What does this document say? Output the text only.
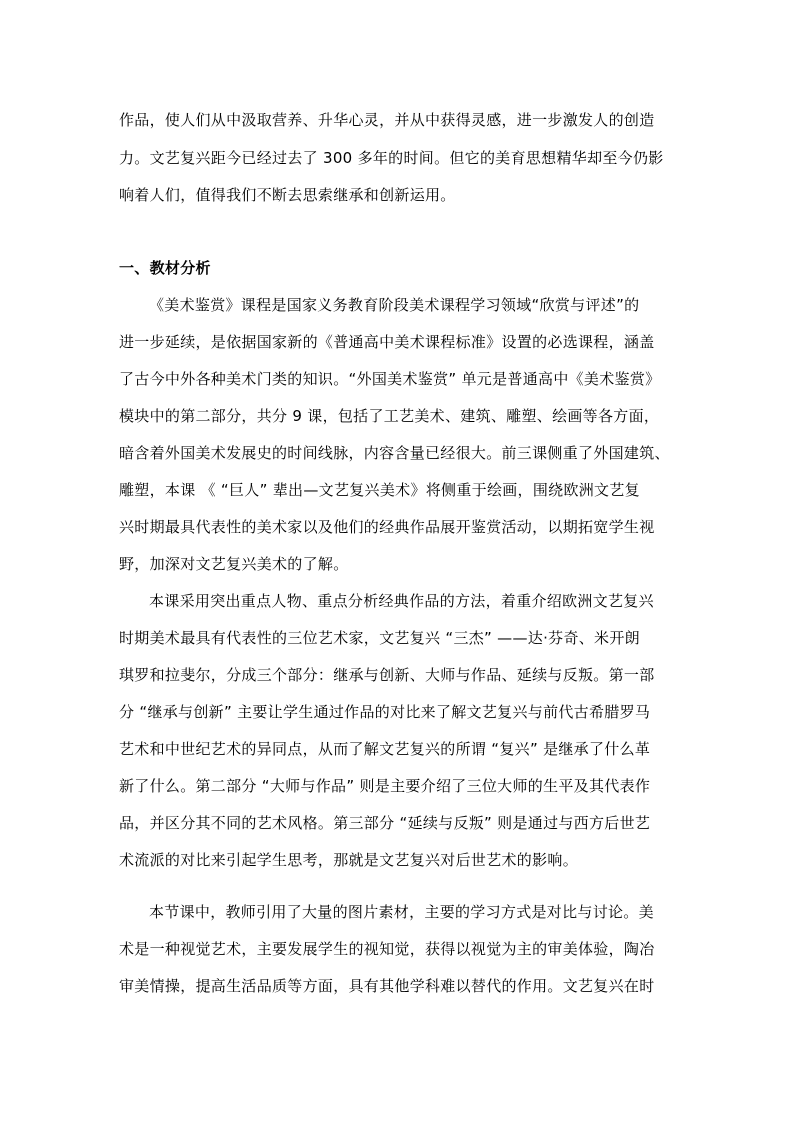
作品，使人们从中汲取营养、升华心灵，并从中获得灵感，进一步激发人的创造
力。文艺复兴距今已经过去了 300 多年的时间。但它的美育思想精华却至今仍影
响着人们，值得我们不断去思索继承和创新运用。
一、教材分析
《美术鉴赏》课程是国家义务教育阶段美术课程学习领域“欣赏与评述”的
进一步延续，是依据国家新的《普通高中美术课程标准》设置的必选课程，涵盖
了古今中外各种美术门类的知识。“外国美术鉴赏” 单元是普通高中《美术鉴赏》
模块中的第二部分，共分 9 课，包括了工艺美术、建筑、雕塑、绘画等各方面，
暗含着外国美术发展史的时间线脉，内容含量已经很大。前三课侧重了外国建筑、
雕塑，本课 《 “巨人” 辈出—文艺复兴美术》将侧重于绘画，围绕欧洲文艺复
兴时期最具代表性的美术家以及他们的经典作品展开鉴赏活动，以期拓宽学生视
野，加深对文艺复兴美术的了解。
本课采用突出重点人物、重点分析经典作品的方法，着重介绍欧洲文艺复兴
时期美术最具有代表性的三位艺术家，文艺复兴 “三杰” ——达·芬奇、米开朗
琪罗和拉斐尔，分成三个部分：继承与创新、大师与作品、延续与反叛。第一部
分 “继承与创新” 主要让学生通过作品的对比来了解文艺复兴与前代古希腊罗马
艺术和中世纪艺术的异同点，从而了解文艺复兴的所谓 “复兴” 是继承了什么革
新了什么。第二部分 “大师与作品” 则是主要介绍了三位大师的生平及其代表作
品，并区分其不同的艺术风格。第三部分 “延续与反叛” 则是通过与西方后世艺
术流派的对比来引起学生思考，那就是文艺复兴对后世艺术的影响。
本节课中，教师引用了大量的图片素材，主要的学习方式是对比与讨论。美
术是一种视觉艺术，主要发展学生的视知觉，获得以视觉为主的审美体验，陶冶
审美情操，提高生活品质等方面，具有其他学科难以替代的作用。文艺复兴在时
